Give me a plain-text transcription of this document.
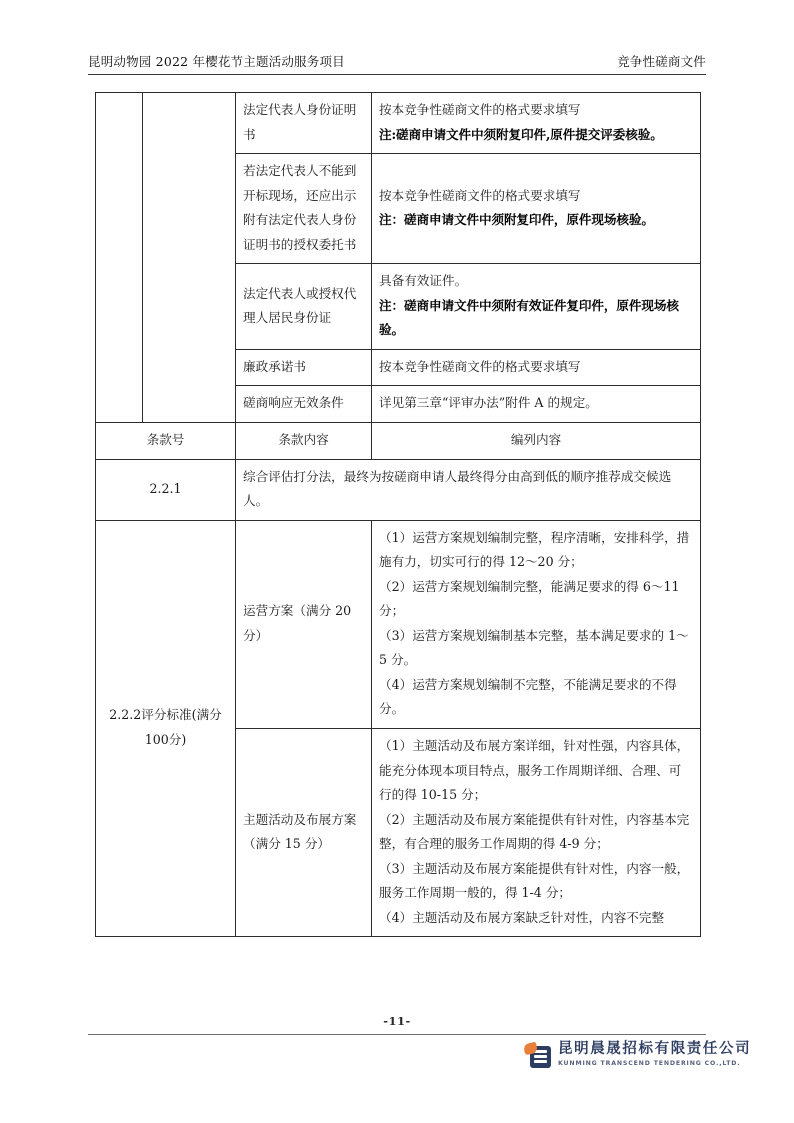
昆明动物园 2022 年樱花节主题活动服务项目	竞争性磋商文件
		法定代表人身份证明书	按本竞争性磋商文件的格式要求填写

注:磋商申请文件中须附复印件,原件提交评委核验。

		若法定代表人不能到开标现场，还应出示附有法定代表人身份证明书的授权委托书	按本竞争性磋商文件的格式要求填写

注：磋商申请文件中须附复印件，原件现场核验。

		法定代表人或授权代理人居民身份证	具备有效证件。

注：磋商申请文件中须附有效证件复印件，原件现场核验。

		廉政承诺书	按本竞争性磋商文件的格式要求填写

		磋商响应无效条件	详见第三章“评审办法”附件 A 的规定。

条款号		条款内容	编列内容
2.2.1		综合评估打分法，最终为按磋商申请人最终得分由高到低的顺序推荐成交候选人。	
2.2.2评分标准(满分100分)		运营方案（满分 20 分）	（1）运营方案规划编制完整，程序清晰，安排科学，措施有力，切实可行的得 12～20 分；

（2）运营方案规划编制完整，能满足要求的得 6～11 分；

（3）运营方案规划编制基本完整，基本满足要求的 1～5 分。

（4）运营方案规划编制不完整，不能满足要求的不得分。

		主题活动及布展方案（满分 15 分）	（1）主题活动及布展方案详细，针对性强，内容具体，能充分体现本项目特点，服务工作周期详细、合理、可行的得 10-15 分；

（2）主题活动及布展方案能提供有针对性，内容基本完整，有合理的服务工作周期的得 4-9 分；

（3）主题活动及布展方案能提供有针对性，内容一般，服务工作周期一般的，得 1-4 分；

（4）主题活动及布展方案缺乏针对性，内容不完整

-11-
昆明晨晟招标有限责任公司
KUNMING TRANSCEND TENDERING CO.,LTD.
